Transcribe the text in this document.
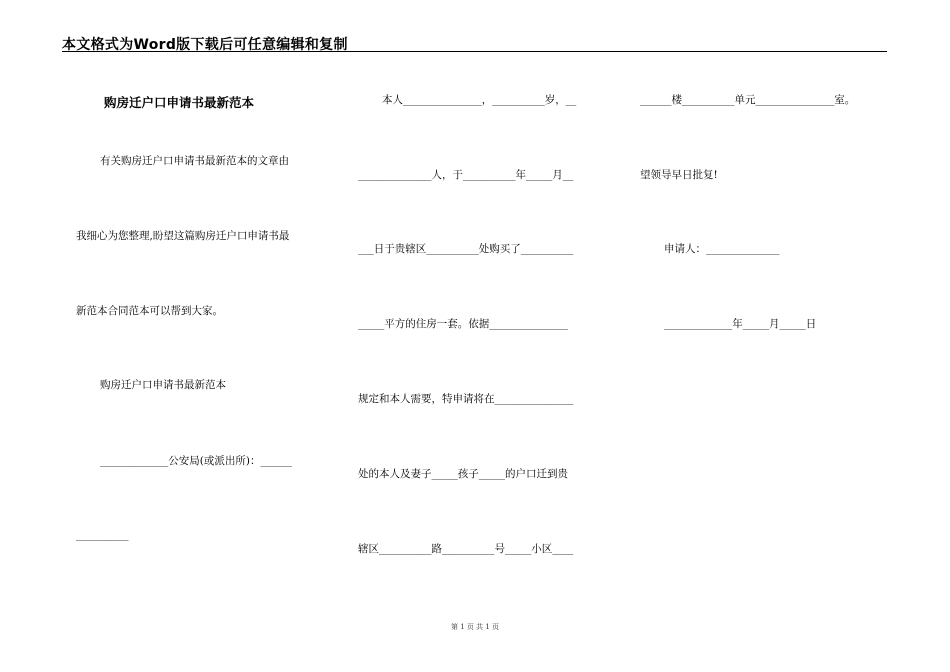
本文格式为Word版下载后可任意编辑和复制
购房迁户口申请书最新范本
有关购房迁户口申请书最新范本的文章由
我细心为您整理,盼望这篇购房迁户口申请书最
新范本合同范本可以帮到大家。
购房迁户口申请书最新范本
_____________公安局(或派出所)：______
__________
本人_______________，__________岁，__
______________人，于__________年_____月__
___日于贵辖区__________处购买了__________
_____平方的住房一套。依据_______________
规定和本人需要，特申请将在_______________
处的本人及妻子_____孩子_____的户口迁到贵
辖区__________路__________号_____小区____
______楼__________单元_______________室。
望领导早日批复!
申请人：______________
_____________年_____月_____日
第 1 页 共 1 页
